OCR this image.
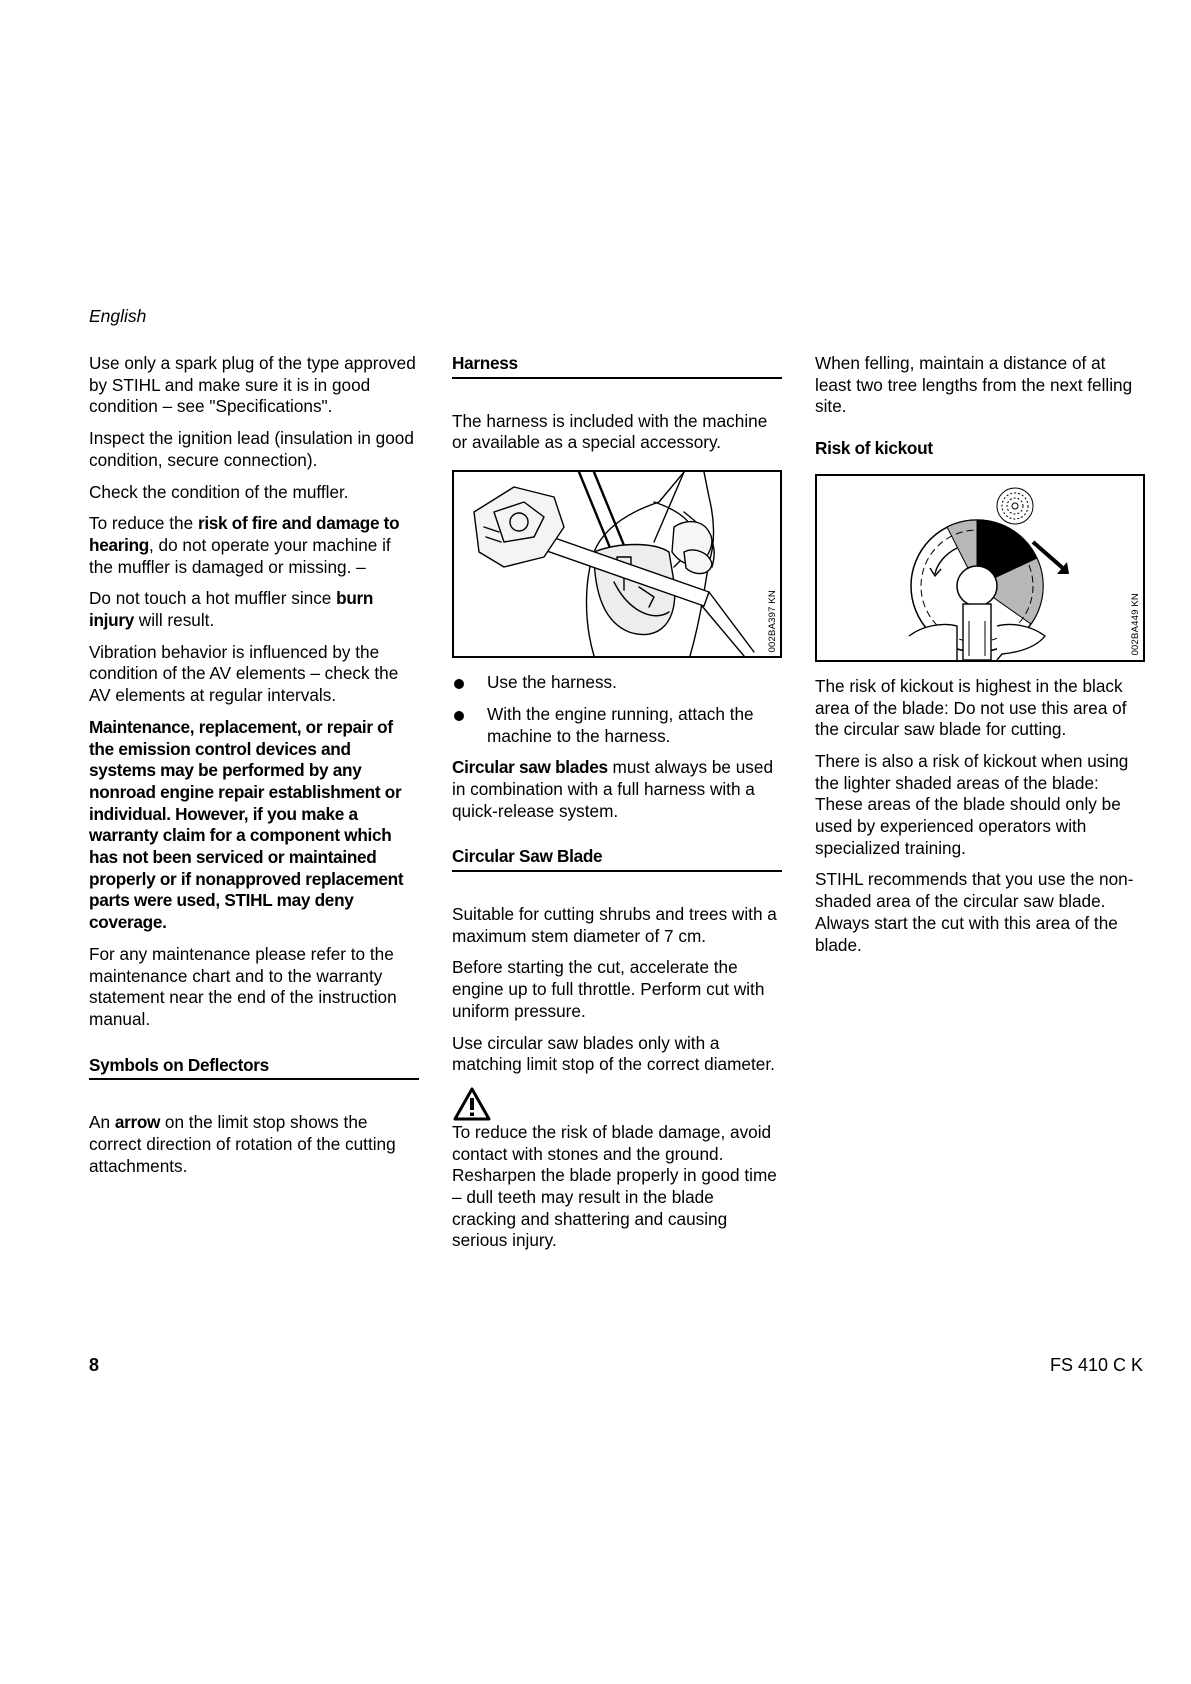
English

Use only a spark plug of the type approved by STIHL and make sure it is in good condition – see "Specifications".

Inspect the ignition lead (insulation in good condition, secure connection).

Check the condition of the muffler.

To reduce the risk of fire and damage to hearing, do not operate your machine if the muffler is damaged or missing. –

Do not touch a hot muffler since burn injury will result.

Vibration behavior is influenced by the condition of the AV elements – check the AV elements at regular intervals.

Maintenance, replacement, or repair of the emission control devices and systems may be performed by any nonroad engine repair establishment or individual. However, if you make a warranty claim for a component which has not been serviced or maintained properly or if nonapproved replacement parts were used, STIHL may deny coverage.

For any maintenance please refer to the maintenance chart and to the warranty statement near the end of the instruction manual.

Symbols on Deflectors

An arrow on the limit stop shows the correct direction of rotation of the cutting attachments.

Harness

The harness is included with the machine or available as a special accessory.

002BA397 KN
Use the harness.
With the engine running, attach the machine to the harness.

Circular saw blades must always be used in combination with a full harness with a quick-release system.

Circular Saw Blade

Suitable for cutting shrubs and trees with a maximum stem diameter of 7 cm.

Before starting the cut, accelerate the engine up to full throttle. Perform cut with uniform pressure.

Use circular saw blades only with a matching limit stop of the correct diameter.

To reduce the risk of blade damage, avoid contact with stones and the ground. Resharpen the blade properly in good time – dull teeth may result in the blade cracking and shattering and causing serious injury.

When felling, maintain a distance of at least two tree lengths from the next felling site.

Risk of kickout
002BA449 KN

The risk of kickout is highest in the black area of the blade: Do not use this area of the circular saw blade for cutting.

There is also a risk of kickout when using the lighter shaded areas of the blade: These areas of the blade should only be used by experienced operators with specialized training.

STIHL recommends that you use the non-shaded area of the circular saw blade. Always start the cut with this area of the blade.

8	FS 410 C K
